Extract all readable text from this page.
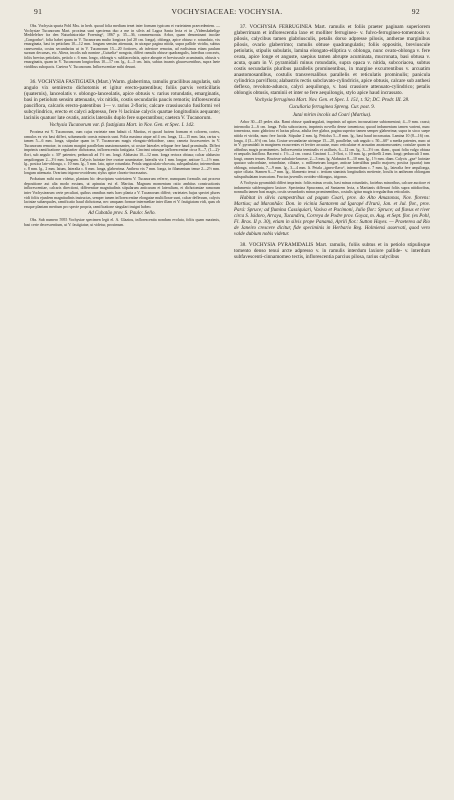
91	VOCHYSIACEAE: VOCHYSIA.	92

Obs. Vochysia spuria Pohl Mss. in herb. quoad folia medium tenet inter formam typicam et varietatem praecedentem. — Vochysiae Tucanorum Mart. proxima sunt speciema duo a me in silvis ad Lagoa Santa lecta et in „Videnskabelige Meddelelser fra den Naturhistoriske Forening“, 1867 p. 35—36, commemorata. Arbor, quam denominant incolae „Congonha“, folia habet quam in V. Tucanorum multo longiora (ad 20 cm. longa), oblonga, apice obtuso v. rotundato, vix emarginata, basi in petiolum 10—12 mm. longum sensim attenuata, in utraque pagina nitida, supra pallide viridia, subtus canescentia, costas secundarias ut in V. Tucanorum 15—20 fortiores, ab inferiore remotas, ad earlisimas etiam paulum sursum decursas, etc. Altera, incolis sub nomine „Cuiuelia“ nongota, differt ramulis obtuse quadrangulis, lateribus concavis, foliis brevius petiolatis, petiolo c. 6 mm. longo, oblongis v. subliaceolatis, apice abrupte et breviuscule acuminatis, obtusis v. emarginatis, quam in V. Tucanorum longioribus 10—17 cm. lg., 4—5 cm. latis, subtus incanis glaucescentibus, supra laete viridibus subopacis. Caetera V. Tucanorum. Inflorescentiae mihi desunt.

36. VOCHYSIA FASTIGIATA (Mart.) Warm. glaberrima, ramulis gracilibus angulatis, sub angulo vix semirecto dichotomis et igitur erecto-patentibus; foliis parvis verticillatis (quaternis), lanceolatis v. oblongo-lanceolatis, apice obtusis v. rarius rotundatis, emarginatis, basi in petiolum sensim attenuatis, vix nitidis, costis secundariis paucis remotis; inflorescentia pauciflora, calcaris erecto-patentibus 1— v. rarius 2-floris; calcare crassiusculo fusiformi vel subcylindrico, erecto et calyci adpresso, fere ½ laciniae calycis quartae longitudinis aequante; laciniis quatuor late ovatis, anticis lateralis duplo fere superantibus; caetera V. Tucanorum.

Vochysia Tucanorum var. β. fastigiata Mart. in Nov. Gen. et Spec. I. 142.

Proxima est V. Tucanorum, cum cujus varietate eam habuit cl. Martius, et quoad faciem formam et colorem, cortex, ramulos ex vix basi differt, solummodo consis minoris sunt. Folia maxima atque ad 4 cm. longa, 12—15 mm. lata, rarius v. tamen 5—6 mm. longa, stipulae quam in V. Tucanorum magis elongato-deltoideae, cano; rameta fuscescentes in V. Tucanorum remotae, in costam margini parallelam anastomosantes, ut costae laterales reliquae fere haud prominulis. Differt imprimis ramificatione regulariter dichotoma, inflorescentia fastigiata. Cincinni raiusque inflorescentiae circa 8—7, (1—2)-flori, sub angulo c. 30° patentes; pedunculi ad 1½ cm. longi. Alabastra 10—12 mm. longa rectora obtusa; calcar alabastro aequilongum 2—3½ mm. longum. Calycis laciniae fere ovatae acuminatae, lateralis vix 1 mm. longae, anticae 1—1½ mm. lg., postica late-oblonga, c. 10 mm. lg., 5 mm. lata, apice rotundata. Petala unguiculato-obovata, subspathulata; intermedium c. 8 mm. lg., 2 mm. latum, lateralia c. 6 mm. longa, glaberrima. Anthera vix 7 mm. longa, in filamentum tenue 2—2½ mm. longum attenuata. Ovarium trigono-ovoideum; stylus apice clavato-incrassatus.

Probatum mihi non videtur, plantam hic descriptam varietatem V. Tucanorum referre, numquam formulis aut procera depositione aut alia modo exstans, ut apinatus est el. Martius. Magnam momentum ratio ambitus constructionis inflorescentiae, calcaris directioni, differentiae magnitudinis stipularum anticarum et lateralium, et dichotomiae ramorum inter Vochysiearum certe peculiari, quibus omnibus meis haec planta a V. Tucanorum differt; varietates hujus speciei plures vidi foliis ejusdem magnitudinis instructas, semper tamen inflorescentiae elongatae multiflorae sunt, calcar deflexum, calycis laciniae subaequales, ramificatio haud dichotoma, nec umquam formae intermediae inter illam et V. fastigiatam vidi, quas ob easque plantam meritum pro specie propria, ramificatione singulari insigni habeo.

Ad Cubatão prov. S. Paulo: Sello.

Obs. Sub numero 5955 Vochysiae specimen legit el. A. Glaziou, inflorescentia nondum evoluta, foliis quam maximis, basi certe decrescentium, ut V. fastigiatae, ut videtur, proximum.

37. VOCHYSIA FERRUGINEA Mart. ramulis et foliis praeter paginam superiorem glaberrimam et inflorescentia laxe et molliter ferrugineo- v. fulvo-ferrugineo-tomentosis v. pilosis, calycibus tamen glabriusculis, petalis dorso adpresse pilosis, antherae marginibus pilosis, ovario glaberrimo; ramulis obtuse quadrangulatis; foliis oppositis, breviuscule petiolatis, stipulis subulatis, lamina elongato-elliptica v. oblonga, nunc ovato-oblonga v. fere ovata, apice longe et anguste, saepius tamen abrupte acuminata, mucronata, basi obtusa v. acuta, quam in V. pyramidali minus rotundatis, supra opaca v. nitida, subcoriacea, subtus costis secundariis pluribus parallelis prominentibus, in margine excurrentibus v. arcuatim anastomosantibus, costulis transversalibus parallelis et reticulatis prominulis; panicula cylindrica parviflora; alabastris rectis subclavato-cylindricis, apice obtusis, calcare sub anthesi deflexo, revoluto-adunco, calyci aequilongo, v. basi crassiore attenuato-cylindrico; petalis oblongis obtusis, staminii et inter se fere aequilongis, stylo apice haud incrassato.

Vochysia ferruginea Mart. Nov. Gen. et Spec. I. 151, t. 92; DC. Prodr. III. 28.

Cucullaria ferruginea Spreng. Cur. post. 9.

Jutai mirim incolis ad Coari (Martius).

Arbor 30—45 pedes alta. Rami obtuse quadrangulati, imprimis ad apices incrassatione subtomentosi; 4—9 mm. crassi; internodia 2—6 cm. longa. Folia subcoriacea, imprimis novella dense tomentosa; quoad indumentum tamen varient, nunc tomentosa, nunc glabriora et laxius pilosa, adulta fere glabra, pagina superior tamen semper glaberrima; supra in sicco saepe nitida et viridia, nunc fere lucida. Stipulae 2 mm. lg. Petiolus 5—8 mm. lg., basi haud incrassatus. Lamina 10 (8—16) cm. longa, 4 (3—6½) cm. lata. Costae secundariae utrinque 15—20, parallelae, sub angulo c. 50—60° a media patentes, nunc ut in V. pyramidali in marginem excurrentes et leviter arcuatae, nunc reticulatae et arcuatim anastomosantes; costulae quam in affinibus magis prominentes. Inflorescentia terminalis et axillaris, 6—12 cm. lg., 3—3½ cm. diam., quasi folia vulgo obtusa et aequalis laxiflora. Racemi c. 1½—2 cm. crassi. Cincinni 1—3-flori, c. 10 mm. lg.; pedicelli 2 mm. longi; pedunculi 3 mm. longi, omnes tenues. Bracteae subulato-lanceae, 2—3 mm. lg. Alabastra 8—10 mm. lg., 1½ mm. diam. Calycis „gaz“ laciniae quatuor subcordatae, rotundatae, ciliatae, c. millimetrum longae, anticae lateralibus paullo majores; postica (quarta) tum oblonga, rotundata, 7—9 mm. lg., 3—4 mm. lt. Petala „igneo-flava“, intermedium c. 7 mm. lg., lateralia fere aequilonga, apice ciliata. Stamen 6—7 mm. lg., filamento tenui c. tertiam staminis longitudinis metiente, loculis in antheram oblongam subspathulatam truncatam. Fructus juvenilis ovoideo-oblongus, trigonus.

A Vochysia pyramidali differt imprimis: foliis minus ovatis, basi minus rotundatis, faciebus minoribus, calcare auctiore et indumento subferrugineo laxiore. Specimina Spruceana, ad Santarem lecta, a Martianis differunt foliis supra nitidioribus, nonnulla tamen basi magis, costis secundariis minus prominentibus, costulis igitur magis irregularibus reticulatis.

Habitat in silvis campestribus ad pagum Coari, prov. do Alto Amazonas, Nov. florens: Martius; ad Maranhão: Don. in vicinia Santarem ad Igarapé d'Irurú, Jan. et Jul. flor., prov. Pará: Spruce; ad flumina Cassiquiari, Vasiva et Pacimoni, Julio flor.: Spruce; ad flavus et river circa S. Isidoro, Arraya, Tucandiru, Correya de Podre prov. Goyaz, m. Aug. et Sept. flor. (ex Pohl, Fl. Bras. II p. 30), etiam in silvis prope Panamá, Aprili flor.: Sutton Hayes. — Praeterea ad Rio de Janeiro crescere dicitur, fide speciminis in Herbario Reg. Holmiensi asservati, quod vero valde dubium nobis videtur.

38. VOCHYSIA PYRAMIDALIS Mart. ramulis, foliis subtus et in petiolo stipulisque tomento denso tenui arcte adpresso v. in ramulis interdum laxiore pallide- v. interdum subfavescenti-cinnamomeo tectis, inflorescentia parcius pilosa, rarius calycibus
